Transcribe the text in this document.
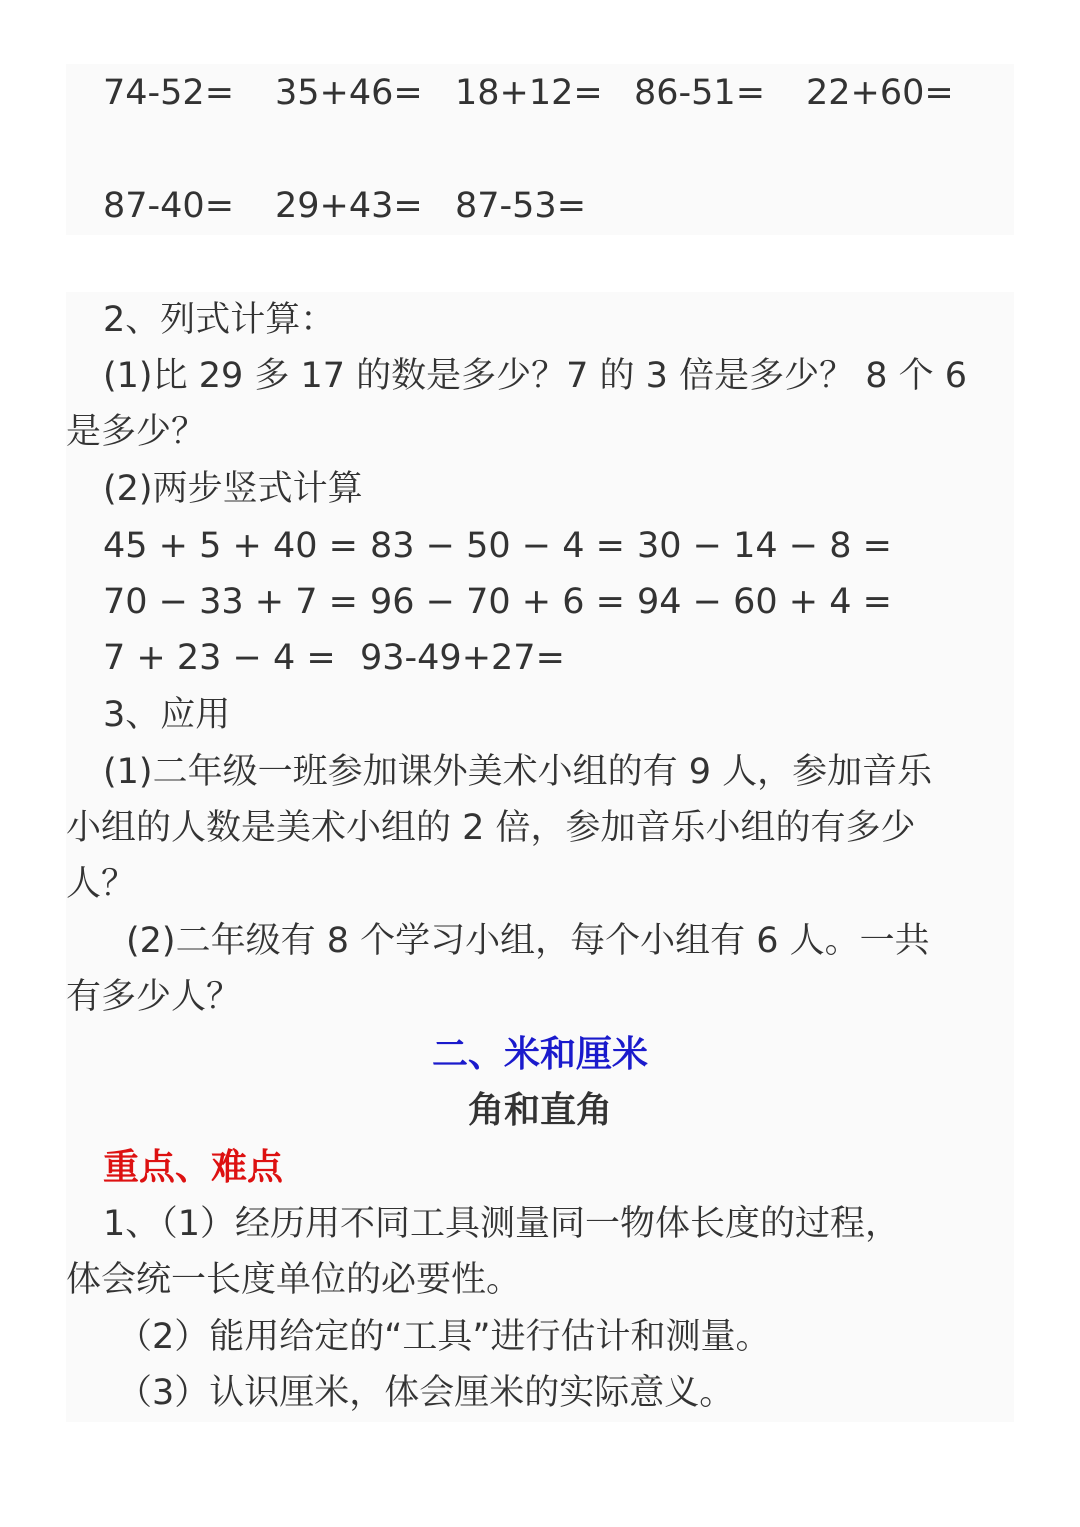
74-52= 35+46= 18+12= 86-51= 22+60=
87-40= 29+43= 87-53=
2、列式计算：
(1)比 29 多 17 的数是多少？7 的 3 倍是多少？ 8 个 6
是多少？
(2)两步竖式计算
45 + 5 + 40 = 83 − 50 − 4 = 30 − 14 − 8 =
70 − 33 + 7 = 96 − 70 + 6 = 94 − 60 + 4 =
7 + 23 − 4 = 93-49+27=
3、应用
(1)二年级一班参加课外美术小组的有 9 人，参加音乐
小组的人数是美术小组的 2 倍，参加音乐小组的有多少
人？
(2)二年级有 8 个学习小组，每个小组有 6 人。一共
有多少人？
二、米和厘米
角和直角
重点、难点
1、（1）经历用不同工具测量同一物体长度的过程，
体会统一长度单位的必要性。
（2）能用给定的“工具”进行估计和测量。
（3）认识厘米，体会厘米的实际意义。
